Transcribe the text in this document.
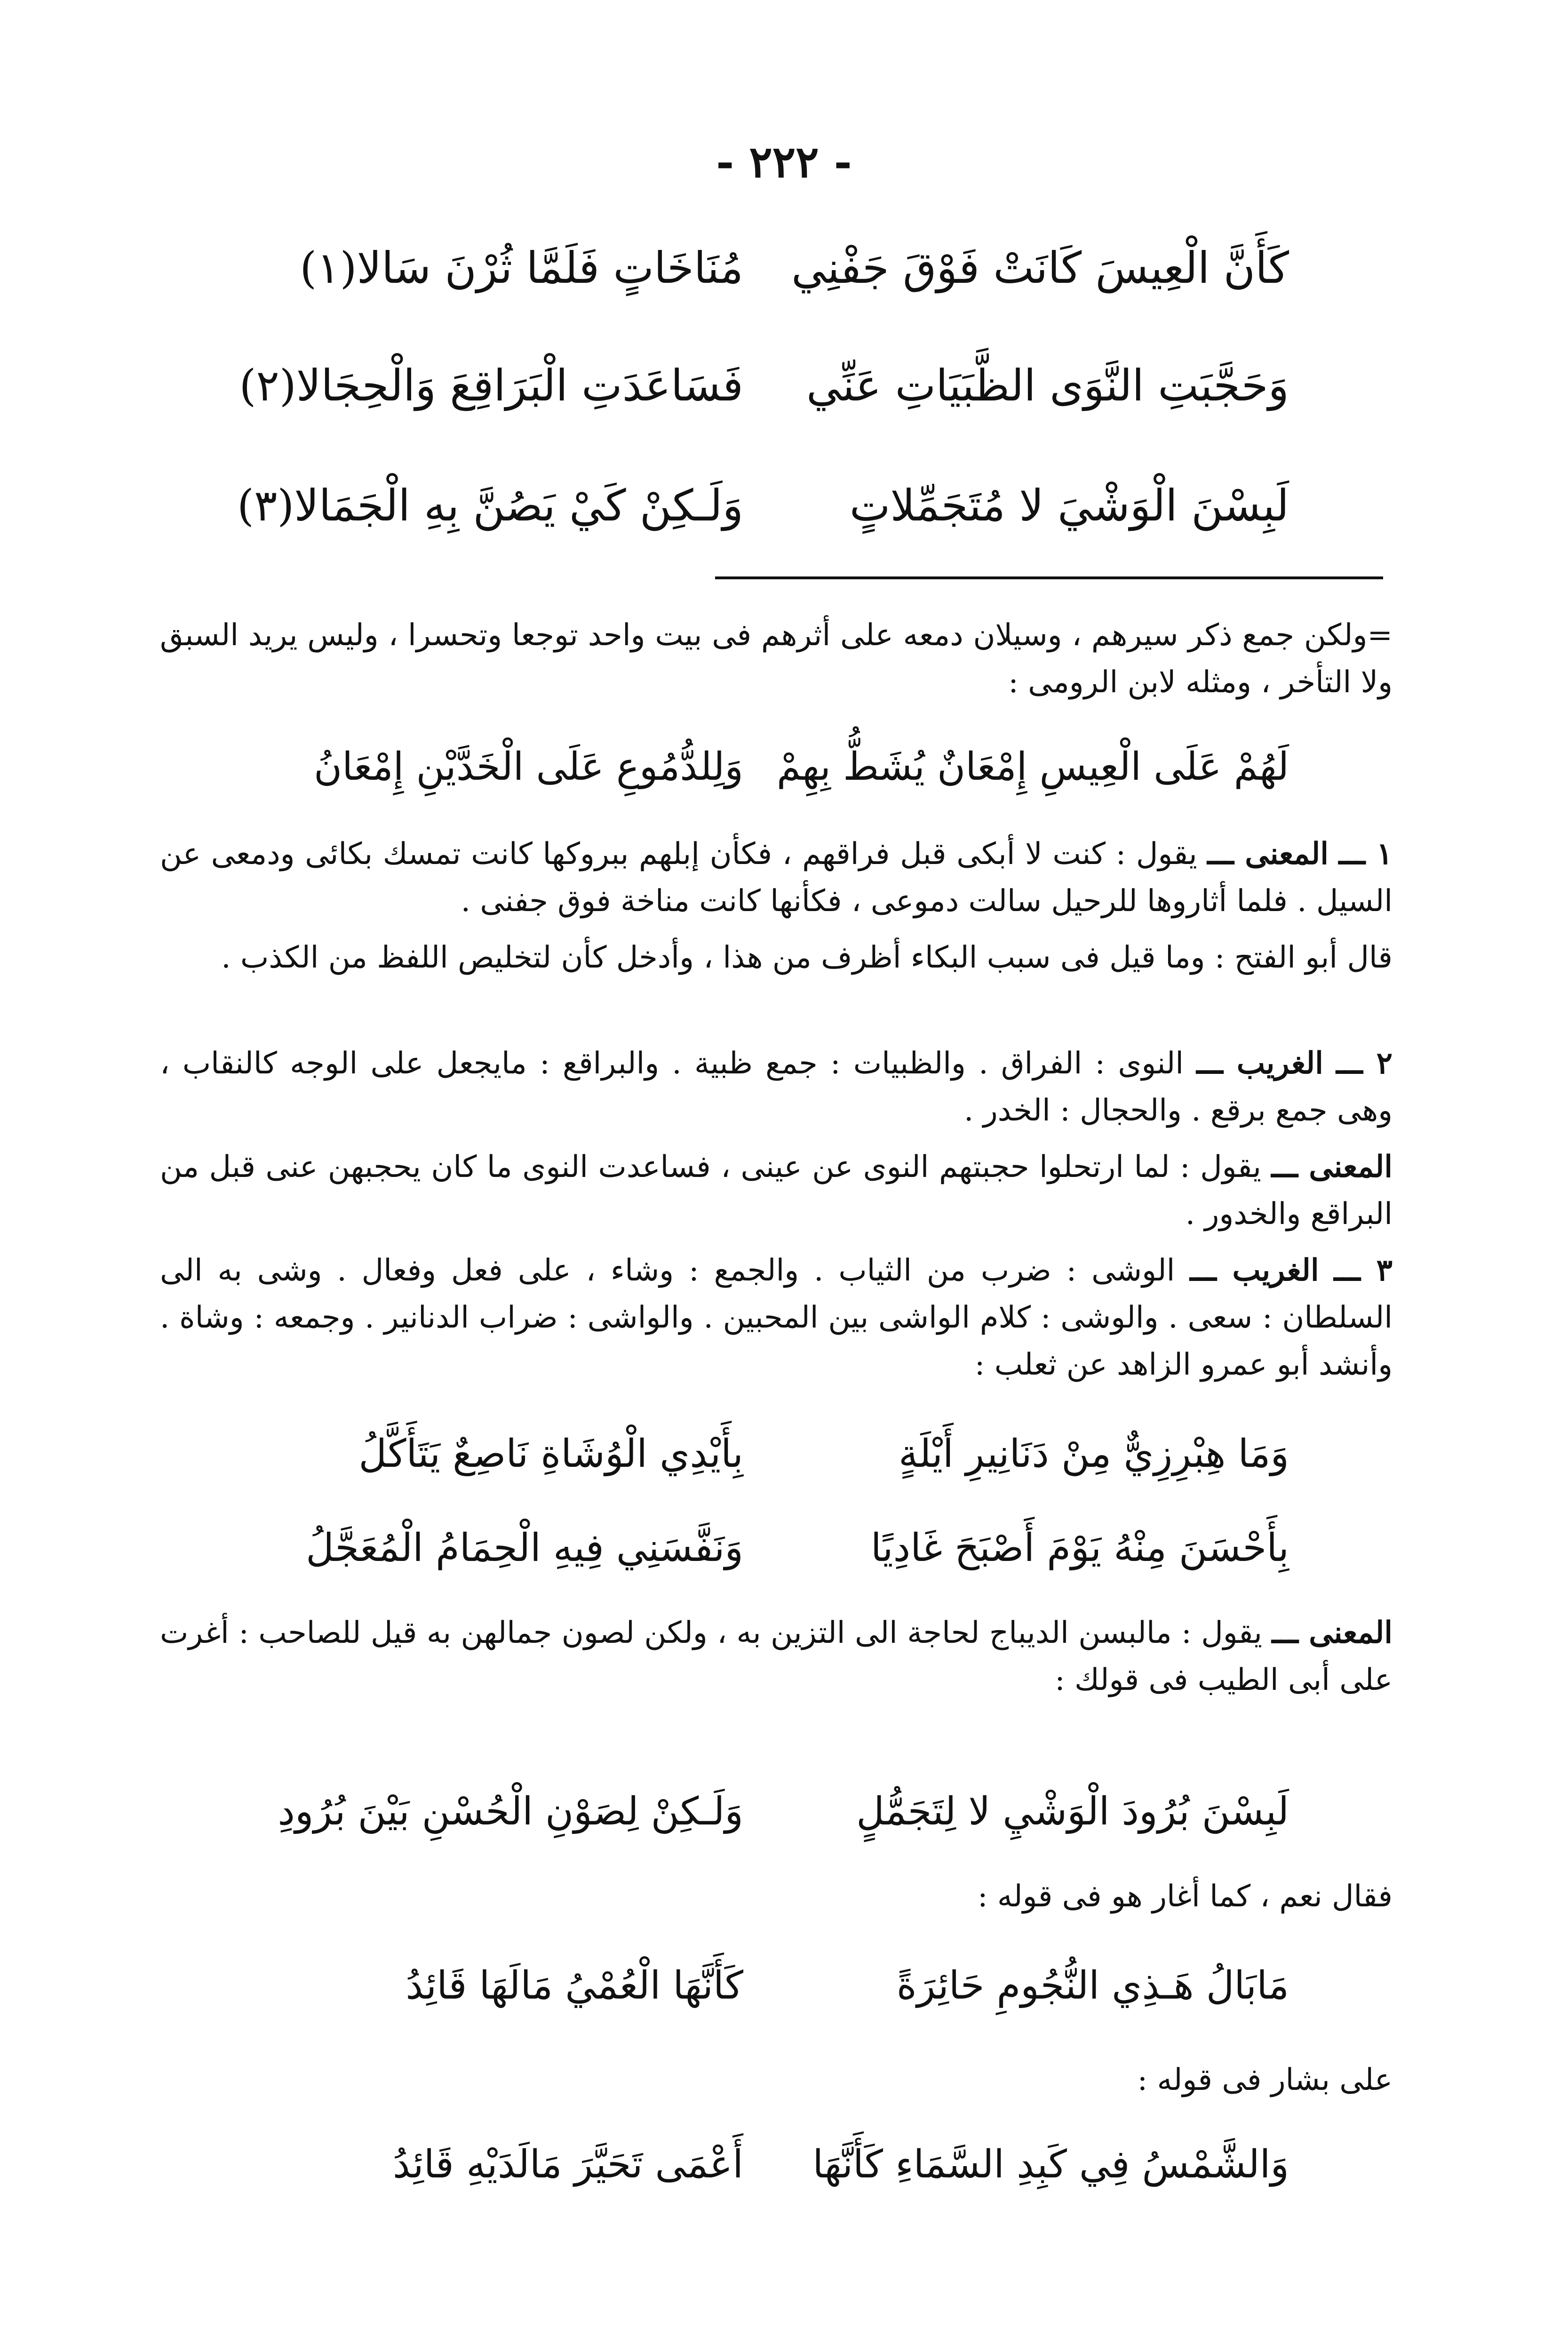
- ٢٢٢ -
كَأَنَّ الْعِيسَ كَانَتْ فَوْقَ جَفْنِي
مُنَاخَاتٍ فَلَمَّا ثُرْنَ سَالا(١)
وَحَجَّبَتِ النَّوَى الظَّبَيَاتِ عَنِّي
فَسَاعَدَتِ الْبَرَاقِعَ وَالْحِجَالا(٢)
لَبِسْنَ الْوَشْيَ لا مُتَجَمِّلاتٍ
وَلَـكِنْ كَيْ يَصُنَّ بِهِ الْجَمَالا(٣)
=ولكن جمع ذكر سيرهم ، وسيلان دمعه على أثرهم فى بيت واحد توجعا وتحسرا ، وليس يريد السبق ولا التأخر ، ومثله لابن الرومى :
لَهُمْ عَلَى الْعِيسِ إِمْعَانٌ يُشَطُّ بِهِمْ
وَلِلدُّمُوعِ عَلَى الْخَدَّيْنِ إِمْعَانُ
١ ـــ المعنى ـــ يقول : كنت لا أبكى قبل فراقهم ، فكأن إبلهم ببروكها كانت تمسك بكائى ودمعى عن السيل . فلما أثاروها للرحيل سالت دموعى ، فكأنها كانت مناخة فوق جفنى .
قال أبو الفتح : وما قيل فى سبب البكاء أظرف من هذا ، وأدخل كأن لتخليص اللفظ من الكذب .
٢ ـــ الغريب ـــ النوى : الفراق . والظبيات : جمع ظبية . والبراقع : مايجعل على الوجه كالنقاب ، وهى جمع برقع . والحجال : الخدر .
المعنى ـــ يقول : لما ارتحلوا حجبتهم النوى عن عينى ، فساعدت النوى ما كان يحجبهن عنى قبل من البراقع والخدور .
٣ ـــ الغريب ـــ الوشى : ضرب من الثياب . والجمع : وشاء ، على فعل وفعال . وشى به الى السلطان : سعى . والوشى : كلام الواشى بين المحبين . والواشى : ضراب الدنانير . وجمعه : وشاة . وأنشد أبو عمرو الزاهد عن ثعلب :
وَمَا هِبْرِزِيٌّ مِنْ دَنَانِيرِ أَيْلَةٍ
بِأَيْدِي الْوُشَاةِ نَاصِعٌ يَتَأَكَّلُ
بِأَحْسَنَ مِنْهُ يَوْمَ أَصْبَحَ غَادِيًا
وَنَفَّسَنِي فِيهِ الْحِمَامُ الْمُعَجَّلُ
المعنى ـــ يقول : مالبسن الديباج لحاجة الى التزين به ، ولكن لصون جمالهن به قيل للصاحب : أغرت على أبى الطيب فى قولك :
لَبِسْنَ بُرُودَ الْوَشْيِ لا لِتَجَمُّلٍ
وَلَـكِنْ لِصَوْنِ الْحُسْنِ بَيْنَ بُرُودِ
فقال نعم ، كما أغار هو فى قوله :
مَابَالُ هَـذِي النُّجُومِ حَائِرَةً
كَأَنَّهَا الْعُمْيُ مَالَهَا قَائِدُ
على بشار فى قوله :
وَالشَّمْسُ فِي كَبِدِ السَّمَاءِ كَأَنَّهَا
أَعْمَى تَحَيَّرَ مَالَدَيْهِ قَائِدُ
